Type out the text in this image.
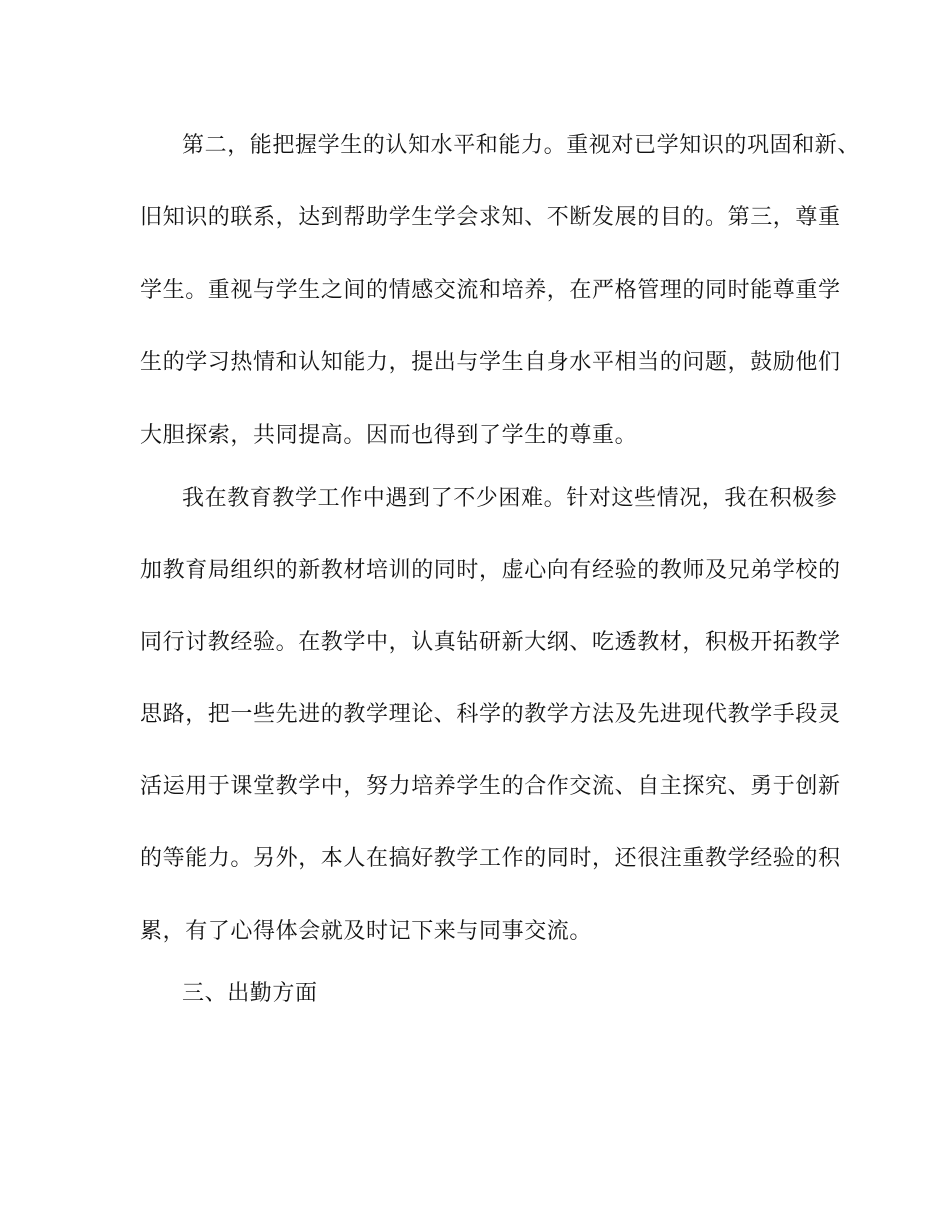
第二，能把握学生的认知水平和能力。重视对已学知识的巩固和新、
旧知识的联系，达到帮助学生学会求知、不断发展的目的。第三，尊重
学生。重视与学生之间的情感交流和培养，在严格管理的同时能尊重学
生的学习热情和认知能力，提出与学生自身水平相当的问题，鼓励他们
大胆探索，共同提高。因而也得到了学生的尊重。
我在教育教学工作中遇到了不少困难。针对这些情况，我在积极参
加教育局组织的新教材培训的同时，虚心向有经验的教师及兄弟学校的
同行讨教经验。在教学中，认真钻研新大纲、吃透教材，积极开拓教学
思路，把一些先进的教学理论、科学的教学方法及先进现代教学手段灵
活运用于课堂教学中，努力培养学生的合作交流、自主探究、勇于创新
的等能力。另外，本人在搞好教学工作的同时，还很注重教学经验的积
累，有了心得体会就及时记下来与同事交流。
三、出勤方面
